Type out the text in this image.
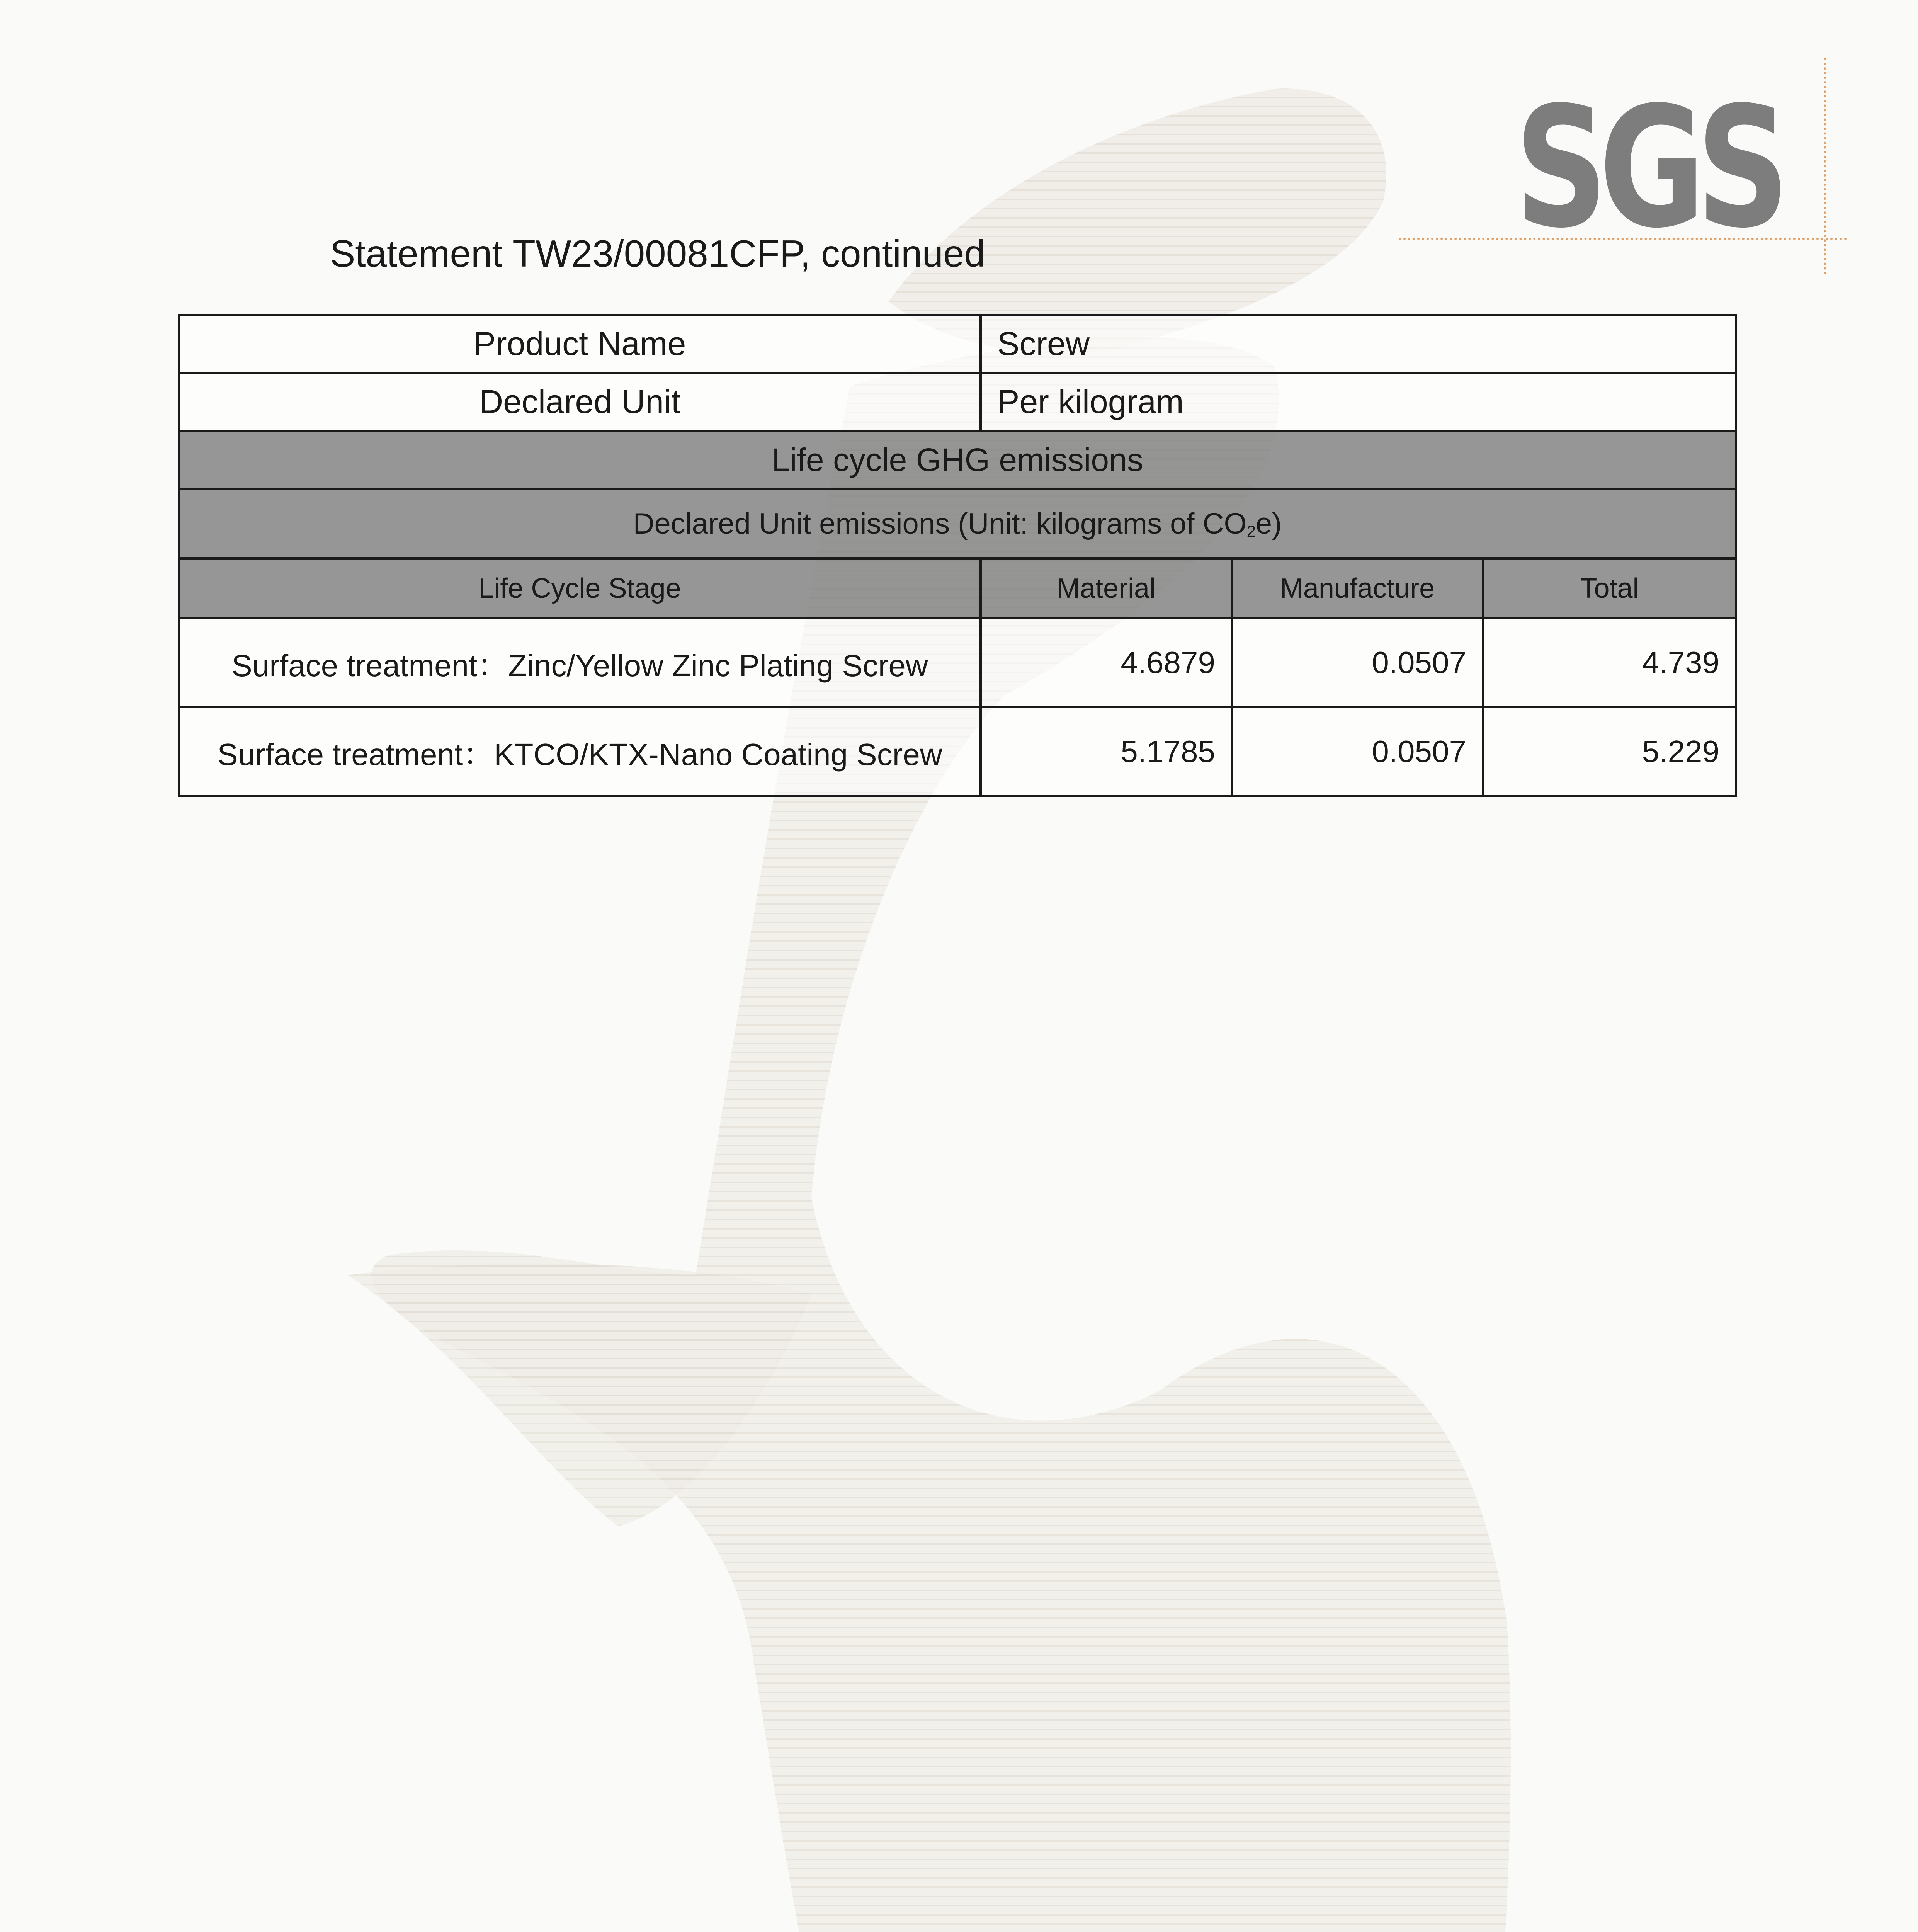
SGS
Statement TW23/00081CFP, continued
Product Name	Screw		
Declared Unit	Per kilogram		
Life cycle GHG emissions			
Declared Unit emissions (Unit: kilograms of $CO_2e$)			
Life Cycle Stage	Material	Manufacture	Total
Surface treatment：Zinc/Yellow Zinc Plating Screw	4.6879	0.0507	4.739
Surface treatment：KTCO/KTX-Nano Coating Screw	5.1785	0.0507	5.229
